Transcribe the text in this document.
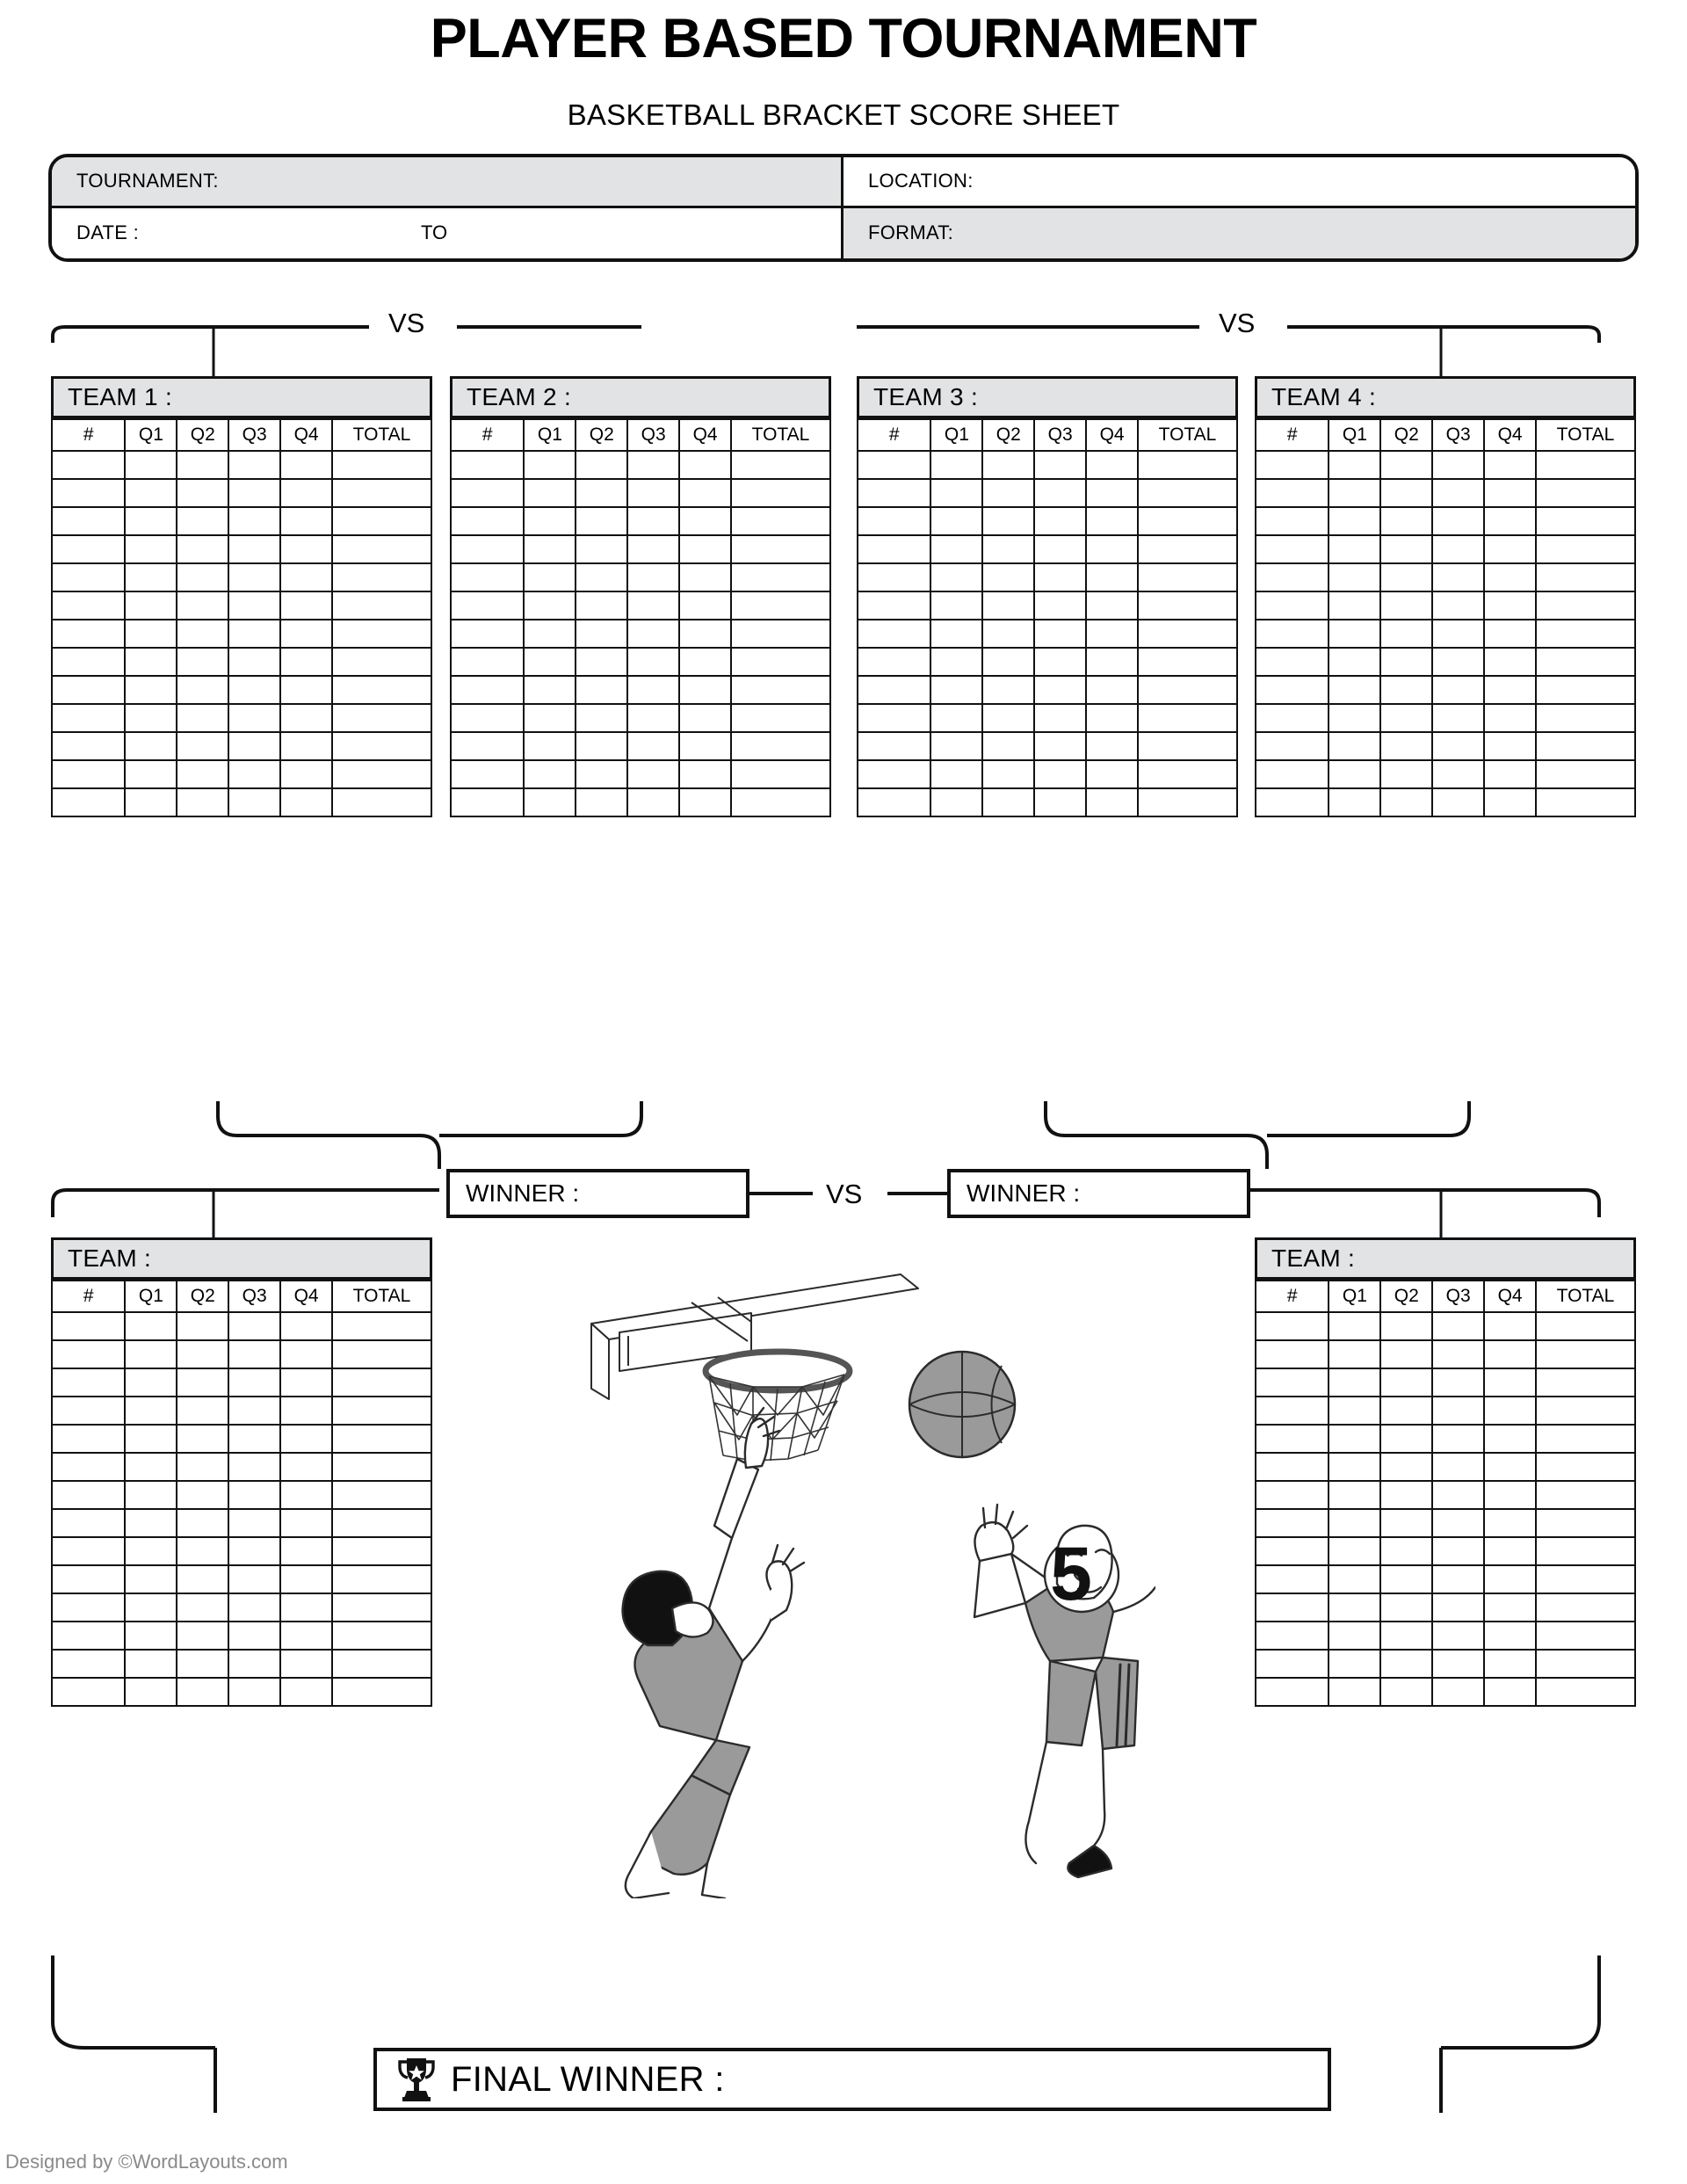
PLAYER BASED TOURNAMENT
BASKETBALL BRACKET SCORE SHEET
TOURNAMENT:	LOCATION:
DATE :	TO	FORMAT:
VS	VS
TEAM 1 :
#	Q1	Q2	Q3	Q4	TOTAL

TEAM 2 :
#	Q1	Q2	Q3	Q4	TOTAL

TEAM 3 :
#	Q1	Q2	Q3	Q4	TOTAL

TEAM 4 :
#	Q1	Q2	Q3	Q4	TOTAL

WINNER :	VS	WINNER :
TEAM :
#	Q1	Q2	Q3	Q4	TOTAL

TEAM :
#	Q1	Q2	Q3	Q4	TOTAL

5
FINAL WINNER :
Designed by ©WordLayouts.com
